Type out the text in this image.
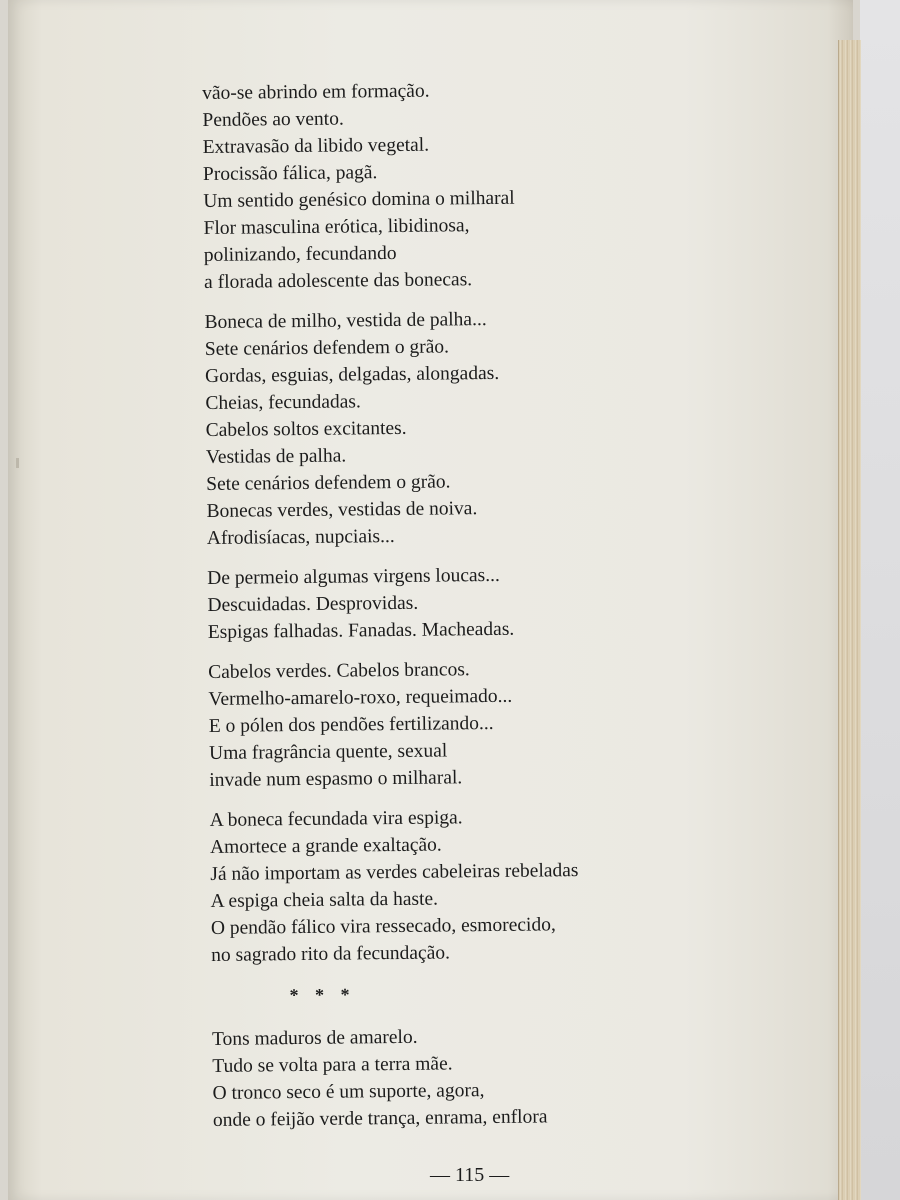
vão-se abrindo em formação.
Pendões ao vento.
Extravasão da libido vegetal.
Procissão fálica, pagã.
Um sentido genésico domina o milharal
Flor masculina erótica, libidinosa,
polinizando, fecundando
a florada adolescente das bonecas.
Boneca de milho, vestida de palha...
Sete cenários defendem o grão.
Gordas, esguias, delgadas, alongadas.
Cheias, fecundadas.
Cabelos soltos excitantes.
Vestidas de palha.
Sete cenários defendem o grão.
Bonecas verdes, vestidas de noiva.
Afrodisíacas, nupciais...
De permeio algumas virgens loucas...
Descuidadas. Desprovidas.
Espigas falhadas. Fanadas. Macheadas.
Cabelos verdes. Cabelos brancos.
Vermelho-amarelo-roxo, requeimado...
E o pólen dos pendões fertilizando...
Uma fragrância quente, sexual
invade num espasmo o milharal.
A boneca fecundada vira espiga.
Amortece a grande exaltação.
Já não importam as verdes cabeleiras rebeladas
A espiga cheia salta da haste.
O pendão fálico vira ressecado, esmorecido,
no sagrado rito da fecundação.
* * *
Tons maduros de amarelo.
Tudo se volta para a terra mãe.
O tronco seco é um suporte, agora,
onde o feijão verde trança, enrama, enflora
— 115 —
